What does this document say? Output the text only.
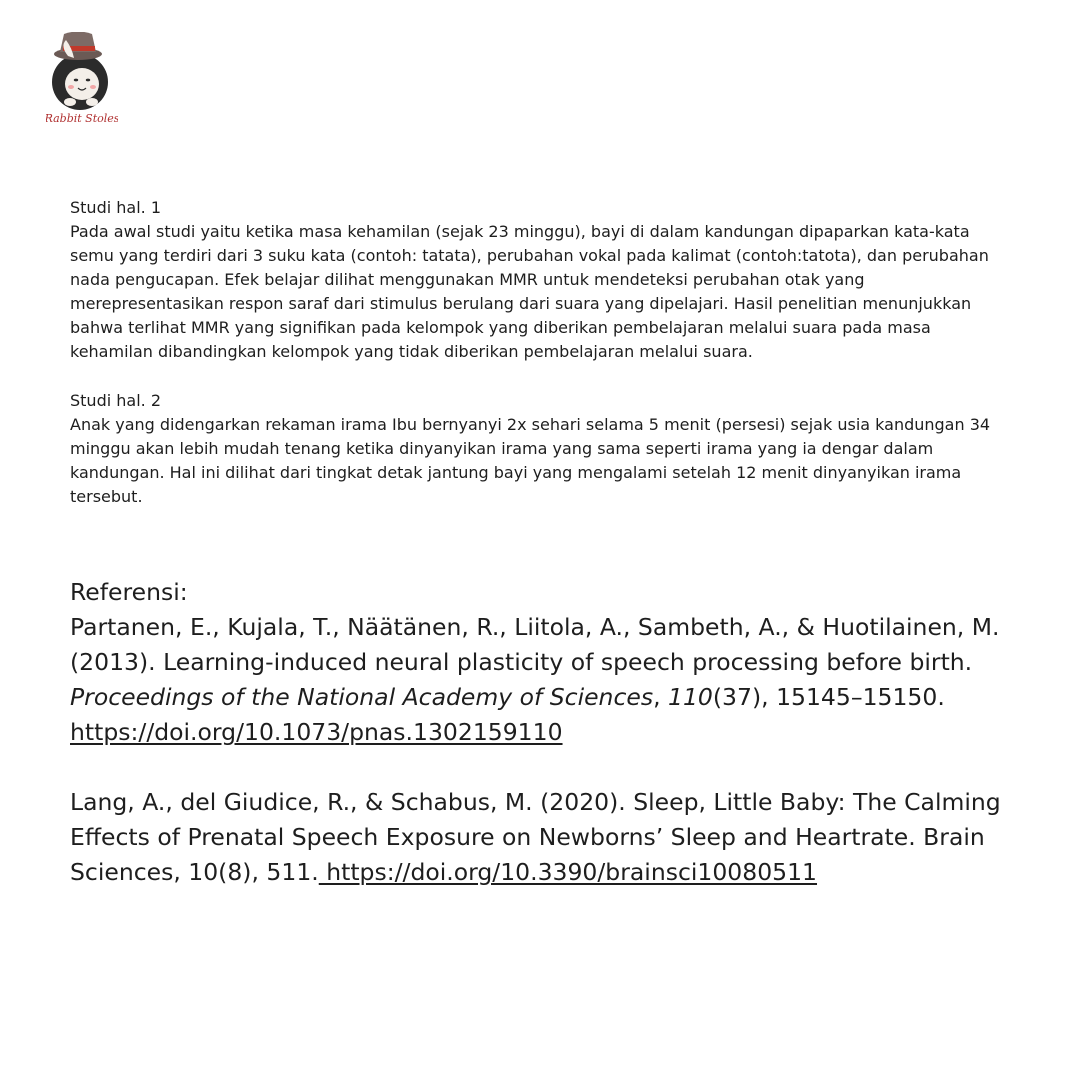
Rabbit Stoles

Studi hal. 1

Pada awal studi yaitu ketika masa kehamilan (sejak 23 minggu), bayi di dalam kandungan dipaparkan kata-kata semu yang terdiri dari 3 suku kata (contoh: tatata), perubahan vokal pada kalimat (contoh:tatota), dan perubahan nada pengucapan. Efek belajar dilihat menggunakan MMR untuk mendeteksi perubahan otak yang merepresentasikan respon saraf dari stimulus berulang dari suara yang dipelajari. Hasil penelitian menunjukkan bahwa terlihat MMR yang signifikan pada kelompok yang diberikan pembelajaran melalui suara pada masa kehamilan dibandingkan kelompok yang tidak diberikan pembelajaran melalui suara.

Studi hal. 2

Anak yang didengarkan rekaman irama Ibu bernyanyi 2x sehari selama 5 menit (persesi) sejak usia kandungan 34 minggu akan lebih mudah tenang ketika dinyanyikan irama yang sama seperti irama yang ia dengar dalam kandungan. Hal ini dilihat dari tingkat detak jantung bayi yang mengalami setelah 12 menit dinyanyikan irama tersebut.

Referensi:

Partanen, E., Kujala, T., Näätänen, R., Liitola, A., Sambeth, A., & Huotilainen, M. (2013). Learning-induced neural plasticity of speech processing before birth. Proceedings of the National Academy of Sciences, 110(37), 15145–15150. https://doi.org/10.1073/pnas.1302159110

Lang, A., del Giudice, R., & Schabus, M. (2020). Sleep, Little Baby: The Calming Effects of Prenatal Speech Exposure on Newborns’ Sleep and Heartrate. Brain Sciences, 10(8), 511. https://doi.org/10.3390/brainsci10080511
